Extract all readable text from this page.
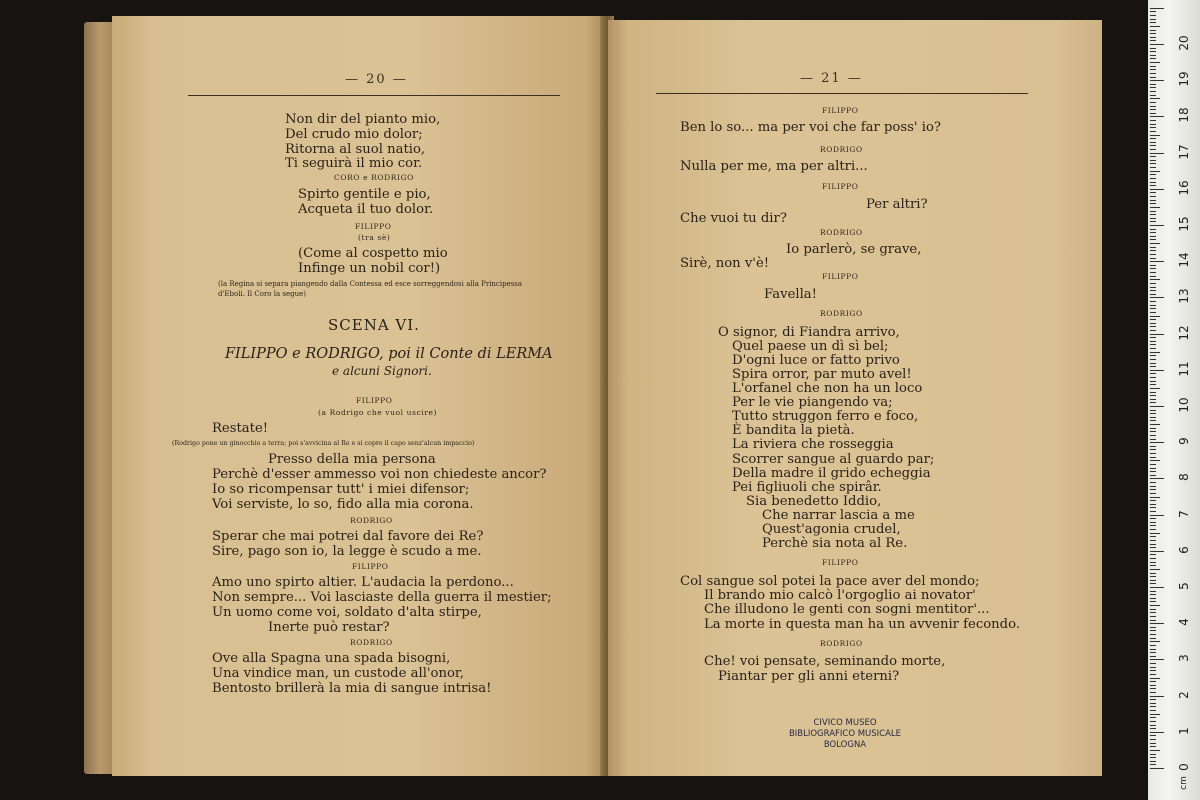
— 20 —
Non dir del pianto mio,
Del crudo mio dolor;
Ritorna al suol natio,
Ti seguirà il mio cor.
CORO e RODRIGO
Spirto gentile e pio,
Acqueta il tuo dolor.
FILIPPO
(tra sè)
(Come al cospetto mio
Infinge un nobil cor!)
(la Regina si separa piangendo dalla Contessa ed esce sorreggendosi alla Principessa
d'Eboli. Il Coro la segue)
SCENA VI.
FILIPPO e RODRIGO, poi il Conte di LERMA
e alcuni Signori.
FILIPPO
(a Rodrigo che vuol uscire)
Restate!
(Rodrigo pone un ginocchio a terra; poi s'avvicina al Re e si copre il capo senz'alcun impaccio)
Presso della mia persona
Perchè d'esser ammesso voi non chiedeste ancor?
Io so ricompensar tutt' i miei difensor;
Voi serviste, lo so, fido alla mia corona.
RODRIGO
Sperar che mai potrei dal favore dei Re?
Sire, pago son io, la legge è scudo a me.
FILIPPO
Amo uno spirto altier. L'audacia la perdono...
Non sempre... Voi lasciaste della guerra il mestier;
Un uomo come voi, soldato d'alta stirpe,
Inerte può restar?
RODRIGO
Ove alla Spagna una spada bisogni,
Una vindice man, un custode all'onor,
Bentosto brillerà la mia di sangue intrisa!
— 21 —
FILIPPO
Ben lo so... ma per voi che far poss' io?
RODRIGO
Nulla per me, ma per altri...
FILIPPO
Per altri?
Che vuoi tu dir?
RODRIGO
Io parlerò, se grave,
Sirè, non v'è!
FILIPPO
Favella!
RODRIGO
O signor, di Fiandra arrivo,
Quel paese un dì sì bel;
D'ogni luce or fatto privo
Spira orror, par muto avel!
L'orfanel che non ha un loco
Per le vie piangendo va;
Tutto struggon ferro e foco,
È bandita la pietà.
La riviera che rosseggia
Scorrer sangue al guardo par;
Della madre il grido echeggia
Pei figliuoli che spirâr.
Sia benedetto Iddio,
Che narrar lascia a me
Quest'agonia crudel,
Perchè sia nota al Re.
FILIPPO
Col sangue sol potei la pace aver del mondo;
Il brando mio calcò l'orgoglio ai novator'
Che illudono le genti con sogni mentitor'...
La morte in questa man ha un avvenir fecondo.
RODRIGO
Che! voi pensate, seminando morte,
Piantar per gli anni eterni?
CIVICO MUSEO
BIBLIOGRAFICO MUSICALE
BOLOGNA
0
1
2
3
4
5
6
7
8
9
10
11
12
13
14
15
16
17
18
19
20
cm
